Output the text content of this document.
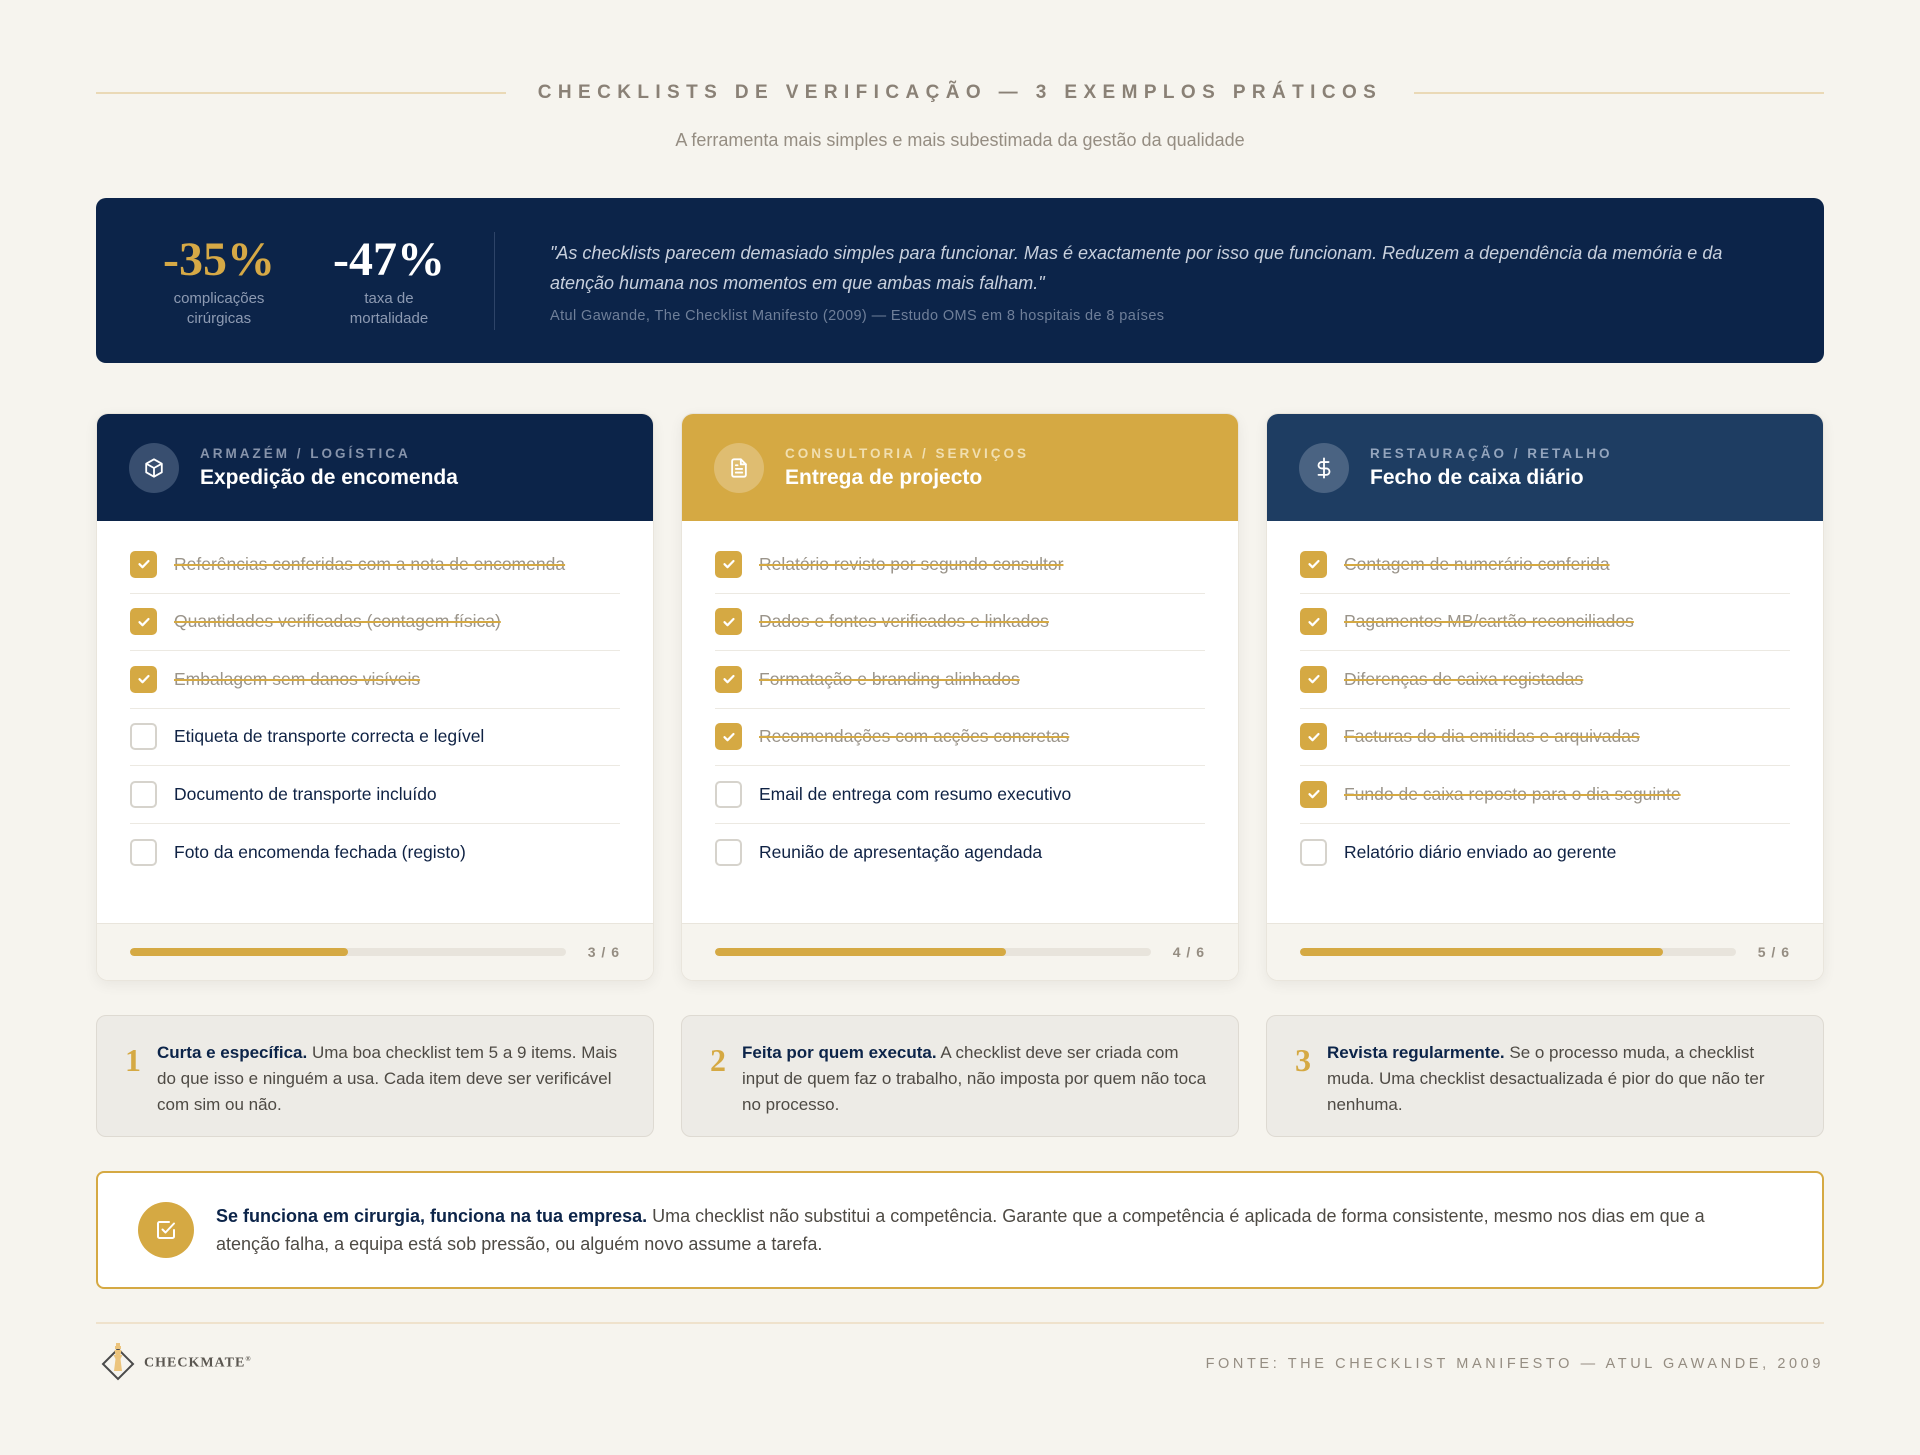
CHECKLISTS DE VERIFICAÇÃO — 3 EXEMPLOS PRÁTICOS

A ferramenta mais simples e mais subestimada da gestão da qualidade

-35%
complicações
cirúrgicas
-47%
taxa de
mortalidade

"As checklists parecem demasiado simples para funcionar. Mas é exactamente por isso que funcionam. Reduzem a dependência da memória e da atenção humana nos momentos em que ambas mais falham."

Atul Gawande, The Checklist Manifesto (2009) — Estudo OMS em 8 hospitais de 8 países

ARMAZÉM / LOGÍSTICA
Expedição de encomenda
Referências conferidas com a nota de encomenda
Quantidades verificadas (contagem física)
Embalagem sem danos visíveis
Etiqueta de transporte correcta e legível
Documento de transporte incluído
Foto da encomenda fechada (registo)
3 / 6
CONSULTORIA / SERVIÇOS
Entrega de projecto
Relatório revisto por segundo consultor
Dados e fontes verificados e linkados
Formatação e branding alinhados
Recomendações com acções concretas
Email de entrega com resumo executivo
Reunião de apresentação agendada
4 / 6
RESTAURAÇÃO / RETALHO
Fecho de caixa diário
Contagem de numerário conferida
Pagamentos MB/cartão reconciliados
Diferenças de caixa registadas
Facturas do dia emitidas e arquivadas
Fundo de caixa reposto para o dia seguinte
Relatório diário enviado ao gerente
5 / 6
1 Curta e específica. Uma boa checklist tem 5 a 9 items. Mais do que isso e ninguém a usa. Cada item deve ser verificável com sim ou não.

2 Feita por quem executa. A checklist deve ser criada com input de quem faz o trabalho, não imposta por quem não toca no processo.

3 Revista regularmente. Se o processo muda, a checklist muda. Uma checklist desactualizada é pior do que não ter nenhuma.

Se funciona em cirurgia, funciona na tua empresa. Uma checklist não substitui a competência. Garante que a competência é aplicada de forma consistente, mesmo nos dias em que a atenção falha, a equipa está sob pressão, ou alguém novo assume a tarefa.

CHECKMATE®	FONTE: THE CHECKLIST MANIFESTO — ATUL GAWANDE, 2009
